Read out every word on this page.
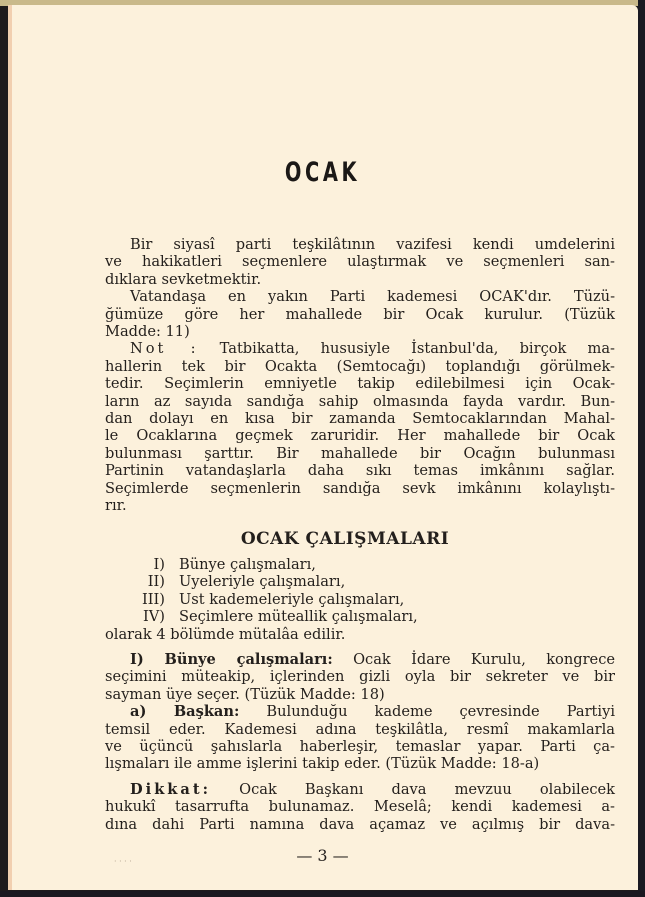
OCAK
Bir siyasî parti teşkilâtının vazifesi kendi umdelerini
ve hakikatleri seçmenlere ulaştırmak ve seçmenleri san-
dıklara sevketmektir.
Vatandaşa en yakın Parti kademesi OCAK'dır. Tüzü-
ğümüze göre her mahallede bir Ocak kurulur. (Tüzük
Madde: 11)
Not : Tatbikatta, hususiyle İstanbul'da, birçok ma-
hallerin tek bir Ocakta (Semtocağı) toplandığı görülmek-
tedir. Seçimlerin emniyetle takip edilebilmesi için Ocak-
ların az sayıda sandığa sahip olmasında fayda vardır. Bun-
dan dolayı en kısa bir zamanda Semtocaklarından Mahal-
le Ocaklarına geçmek zaruridir. Her mahallede bir Ocak
bulunması şarttır. Bir mahallede bir Ocağın bulunması
Partinin vatandaşlarla daha sıkı temas imkânını sağlar.
Seçimlerde seçmenlerin sandığa sevk imkânını kolaylıştı-
rır.
OCAK ÇALIŞMALARI
I) Bünye çalışmaları,
II) Uyeleriyle çalışmaları,
III) Ust kademeleriyle çalışmaları,
IV) Seçimlere müteallik çalışmaları,
olarak 4 bölümde mütalâa edilir.
I) Bünye çalışmaları: Ocak İdare Kurulu, kongrece
seçimini müteakip, içlerinden gizli oyla bir sekreter ve bir
sayman üye seçer. (Tüzük Madde: 18)
a) Başkan: Bulunduğu kademe çevresinde Partiyi
temsil eder. Kademesi adına teşkilâtla, resmî makamlarla
ve üçüncü şahıslarla haberleşir, temaslar yapar. Parti ça-
lışmaları ile amme işlerini takip eder. (Tüzük Madde: 18-a)
Dikkat: Ocak Başkanı dava mevzuu olabilecek
hukukî tasarrufta bulunamaz. Meselâ; kendi kademesi a-
dına dahi Parti namına dava açamaz ve açılmış bir dava-
· · · ·	— 3 —
